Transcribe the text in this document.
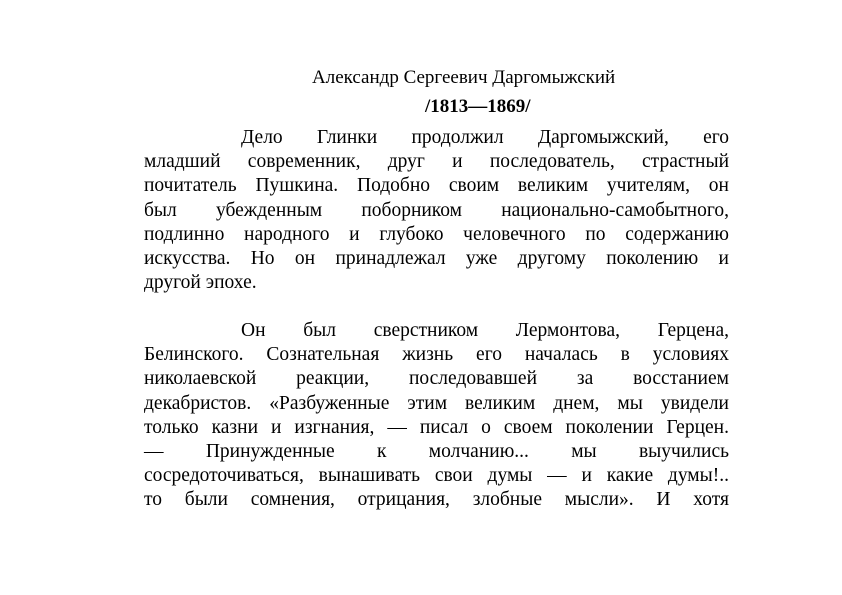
Александр Сергеевич Даргомыжский
/1813—1869/
Дело Глинки продолжил Даргомыжский, его
младший современник, друг и последователь, страстный
почитатель Пушкина. Подобно своим великим учителям, он
был убежденным поборником национально-самобытного,
подлинно народного и глубоко человечного по содержанию
искусства. Но он принадлежал уже другому поколению и
другой эпохе.
Он был сверстником Лермонтова, Герцена,
Белинского. Сознательная жизнь его началась в условиях
николаевской реакции, последовавшей за восстанием
декабристов. «Разбуженные этим великим днем, мы увидели
только казни и изгнания, — писал о своем поколении Герцен.
— Принужденные к молчанию... мы выучились
сосредоточиваться, вынашивать свои думы — и какие думы!..
то были сомнения, отрицания, злобные мысли». И хотя
